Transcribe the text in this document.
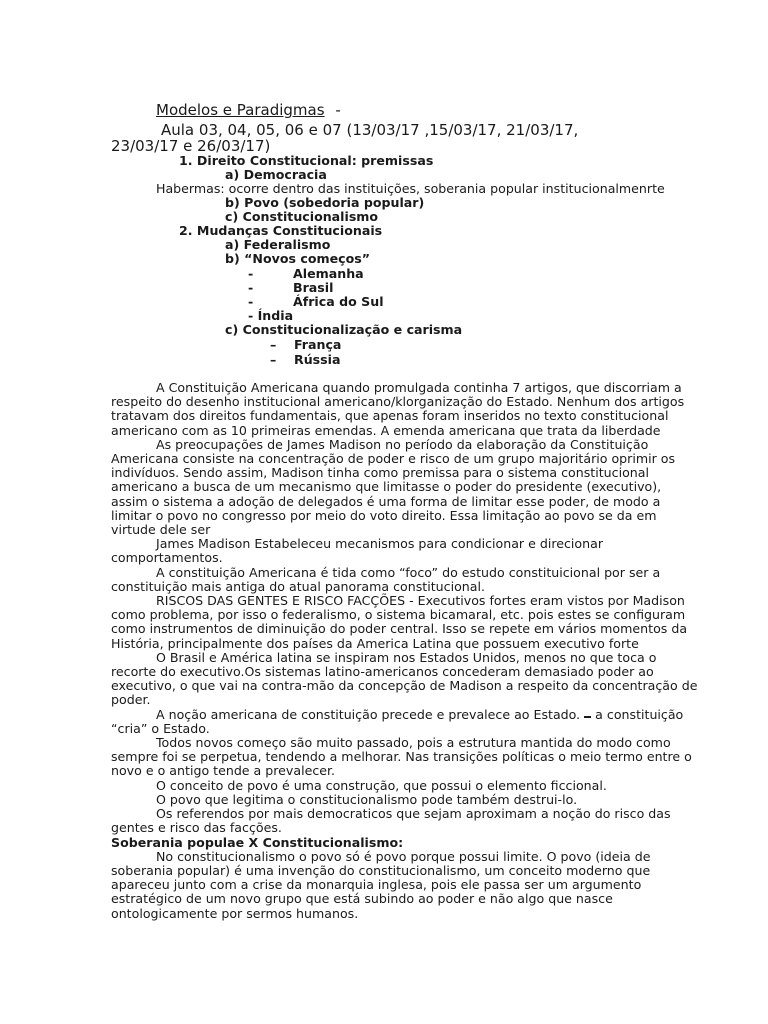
Modelos e Paradigmas -
Aula 03, 04, 05, 06 e 07 (13/03/17 ,15/03/17, 21/03/17,
23/03/17 e 26/03/17)
1. Direito Constitucional: premissas
a) Democracia
Habermas: ocorre dentro das instituições, soberania popular institucionalmenrte
b) Povo (sobedoria popular)
c) Constitucionalismo
2. Mudanças Constitucionais
a) Federalismo
b) “Novos começos”
-	Alemanha
-	Brasil
-	África do Sul
- Índia
c) Constitucionalização e carisma
– França
– Rússia

A Constituição Americana quando promulgada continha 7 artigos, que discorriam a respeito do desenho institucional americano/klorganização do Estado. Nenhum dos artigos tratavam dos direitos fundamentais, que apenas foram inseridos no texto constitucional americano com as 10 primeiras emendas. A emenda americana que trata da liberdade

As preocupações de James Madison no período da elaboração da Constituição Americana consiste na concentração de poder e risco de um grupo majoritário oprimir os indivíduos. Sendo assim, Madison tinha como premissa para o sistema constitucional americano a busca de um mecanismo que limitasse o poder do presidente (executivo), assim o sistema a adoção de delegados é uma forma de limitar esse poder, de modo a limitar o povo no congresso por meio do voto direito. Essa limitação ao povo se da em virtude dele ser

James Madison Estabeleceu mecanismos para condicionar e direcionar comportamentos.

A constituição Americana é tida como “foco” do estudo constituicional por ser a constituição mais antiga do atual panorama constitucional.

RISCOS DAS GENTES E RISCO FACÇÕES - Executivos fortes eram vistos por Madison como problema, por isso o federalismo, o sistema bicamaral, etc. pois estes se configuram como instrumentos de diminuição do poder central. Isso se repete em vários momentos da História, principalmente dos países da America Latina que possuem executivo forte

O Brasil e América latina se inspiram nos Estados Unidos, menos no que toca o recorte do executivo.Os sistemas latino-americanos concederam demasiado poder ao executivo, o que vai na contra-mão da concepção de Madison a respeito da concentração de poder.

A noção americana de constituição precede e prevalece ao Estado. a constituição “cria” o Estado.

Todos novos começo são muito passado, pois a estrutura mantida do modo como sempre foi se perpetua, tendendo a melhorar. Nas transições políticas o meio termo entre o novo e o antigo tende a prevalecer.

O conceito de povo é uma construção, que possui o elemento ficcional.

O povo que legitima o constitucionalismo pode também destrui-lo.

Os referendos por mais democraticos que sejam aproximam a noção do risco das gentes e risco das facções.

Soberania populae X Constitucionalismo:

No constitucionalismo o povo só é povo porque possui limite. O povo (ideia de soberania popular) é uma invenção do constitucionalismo, um conceito moderno que apareceu junto com a crise da monarquia inglesa, pois ele passa ser um argumento estratégico de um novo grupo que está subindo ao poder e não algo que nasce ontologicamente por sermos humanos.
